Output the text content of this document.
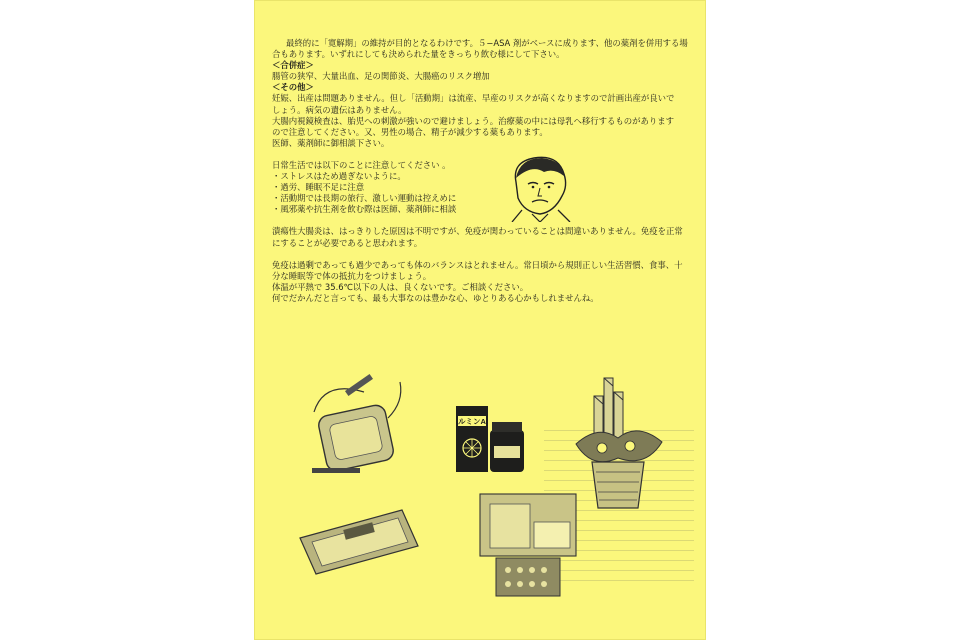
最終的に「寛解期」の維持が目的となるわけです。５−ASA 剤がベースに成ります、他の薬剤を併用する場合もあります。いずれにしても決められた量をきっちり飲む様にして下さい。

＜合併症＞

腸管の狭窄、大量出血、足の関節炎、大腸癌のリスク増加

＜その他＞

妊娠、出産は問題ありません。但し「活動期」は流産、早産のリスクが高くなりますので計画出産が良いでしょう。病気の遺伝はありません。

大腸内視鏡検査は、胎児への刺激が強いので避けましょう。治療薬の中には母乳へ移行するものがありますので注意してください。又、男性の場合、精子が減少する薬もあります。

医師、薬剤師に御相談下さい。

日常生活では以下のことに注意してください 。

・ストレスはため過ぎないように。

・過労、睡眠不足に注意

・活動期では長期の旅行、激しい運動は控えめに

・風邪薬や抗生剤を飲む際は医師、薬剤師に相談

潰瘍性大腸炎は、はっきりした原因は不明ですが、免疫が関わっていることは間違いありません。免疫を正常にすることが必要であると思われます。

免疫は過剰であっても過少であっても体のバランスはとれません。常日頃から規則正しい生活習慣、食事、十分な睡眠等で体の抵抗力をつけましょう。

体温が平熱で 35.6℃以下の人は、良くないです。ご相談ください。

何でだかんだと言っても、最も大事なのは豊かな心、ゆとりある心かもしれませんね。

ルミンA
